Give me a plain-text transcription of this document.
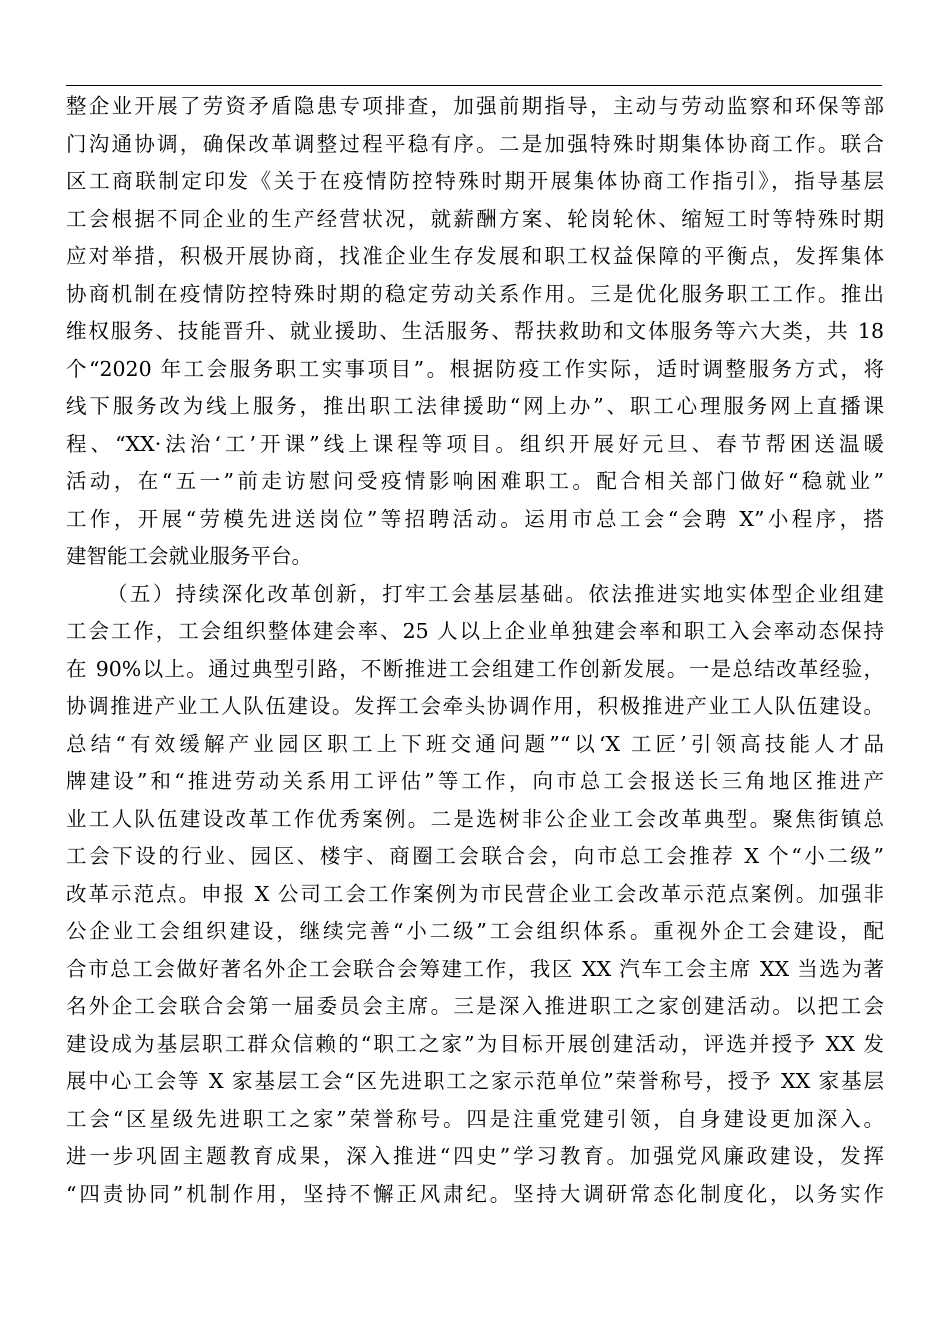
整企业开展了劳资矛盾隐患专项排查，加强前期指导，主动与劳动监察和环保等部
门沟通协调，确保改革调整过程平稳有序。二是加强特殊时期集体协商工作。联合
区工商联制定印发《关于在疫情防控特殊时期开展集体协商工作指引》，指导基层
工会根据不同企业的生产经营状况，就薪酬方案、轮岗轮休、缩短工时等特殊时期
应对举措，积极开展协商，找准企业生存发展和职工权益保障的平衡点，发挥集体
协商机制在疫情防控特殊时期的稳定劳动关系作用。三是优化服务职工工作。推出
维权服务、技能晋升、就业援助、生活服务、帮扶救助和文体服务等六大类，共 18
个“2020 年工会服务职工实事项目”。根据防疫工作实际，适时调整服务方式，将
线下服务改为线上服务，推出职工法律援助“网上办”、职工心理服务网上直播课
程、“XX·法治‘工’开课”线上课程等项目。组织开展好元旦、春节帮困送温暖
活动，在“五一”前走访慰问受疫情影响困难职工。配合相关部门做好“稳就业”
工作，开展“劳模先进送岗位”等招聘活动。运用市总工会“会聘 X”小程序，搭
建智能工会就业服务平台。
（五）持续深化改革创新，打牢工会基层基础。依法推进实地实体型企业组建
工会工作，工会组织整体建会率、25 人以上企业单独建会率和职工入会率动态保持
在 90%以上。通过典型引路，不断推进工会组建工作创新发展。一是总结改革经验，
协调推进产业工人队伍建设。发挥工会牵头协调作用，积极推进产业工人队伍建设。
总结“有效缓解产业园区职工上下班交通问题”“以‘X 工匠’引领高技能人才品
牌建设”和“推进劳动关系用工评估”等工作，向市总工会报送长三角地区推进产
业工人队伍建设改革工作优秀案例。二是选树非公企业工会改革典型。聚焦街镇总
工会下设的行业、园区、楼宇、商圈工会联合会，向市总工会推荐 X 个“小二级”
改革示范点。申报 X 公司工会工作案例为市民营企业工会改革示范点案例。加强非
公企业工会组织建设，继续完善“小二级”工会组织体系。重视外企工会建设，配
合市总工会做好著名外企工会联合会筹建工作，我区 XX 汽车工会主席 XX 当选为著
名外企工会联合会第一届委员会主席。三是深入推进职工之家创建活动。以把工会
建设成为基层职工群众信赖的“职工之家”为目标开展创建活动，评选并授予 XX 发
展中心工会等 X 家基层工会“区先进职工之家示范单位”荣誉称号，授予 XX 家基层
工会“区星级先进职工之家”荣誉称号。四是注重党建引领，自身建设更加深入。
进一步巩固主题教育成果，深入推进“四史”学习教育。加强党风廉政建设，发挥
“四责协同”机制作用，坚持不懈正风肃纪。坚持大调研常态化制度化，以务实作
